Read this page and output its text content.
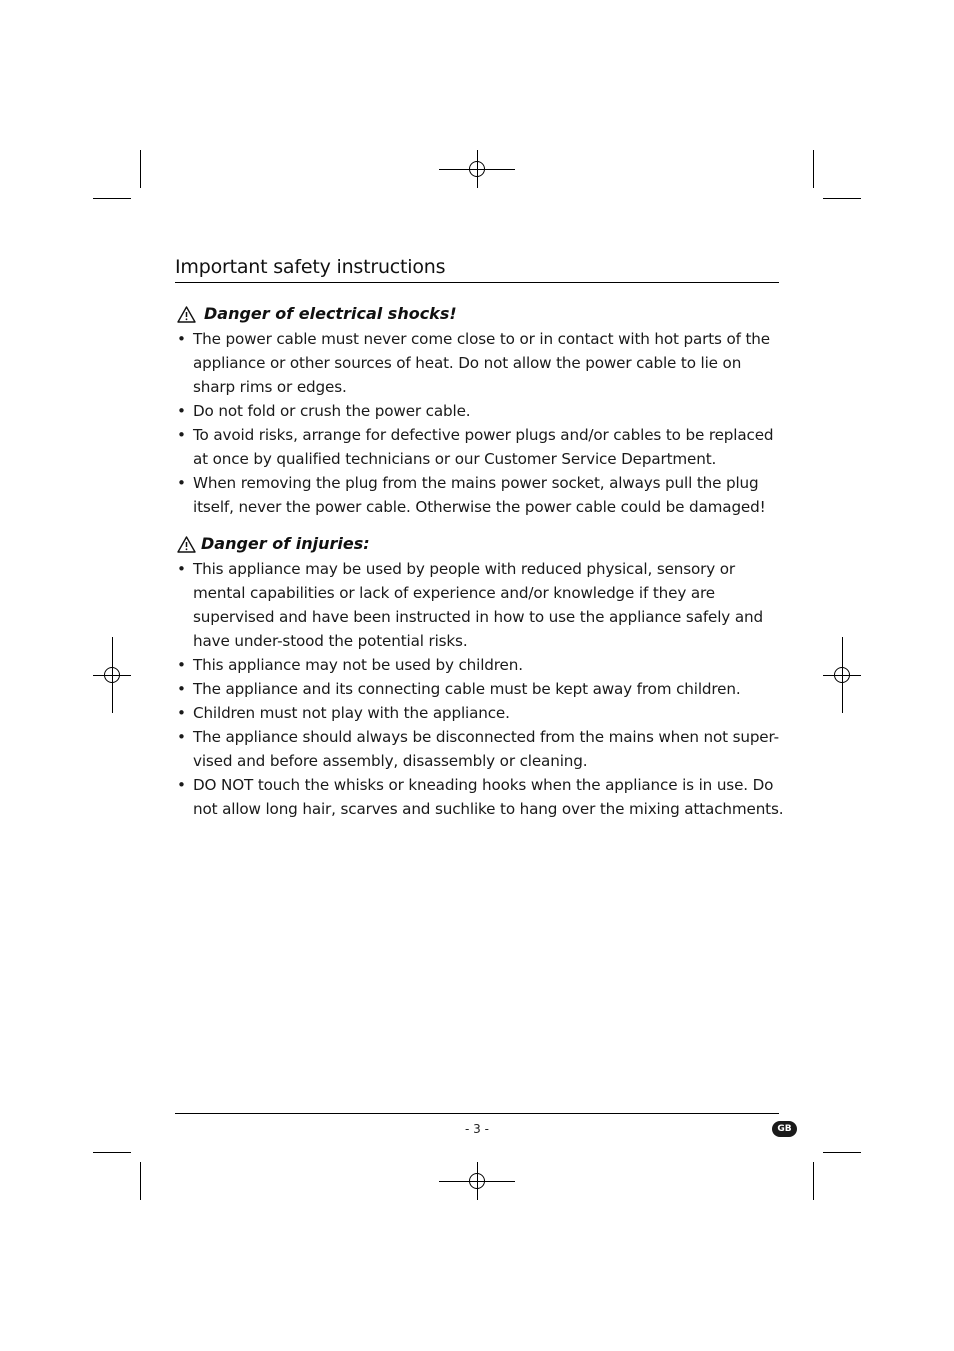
Important safety instructions
Danger of electrical shocks!
• The power cable must never come close to or in contact with hot parts of the appliance or other sources of heat. Do not allow the power cable to lie on sharp rims or edges.
• Do not fold or crush the power cable.
• To avoid risks, arrange for defective power plugs and/or cables to be replaced at once by qualified technicians or our Customer Service Department.
• When removing the plug from the mains power socket, always pull the plug itself, never the power cable. Otherwise the power cable could be damaged!
Danger of injuries:
• This appliance may be used by people with reduced physical, sensory or mental capabilities or lack of experience and/or knowledge if they are supervised and have been instructed in how to use the appliance safely and have under-stood the potential risks.
• This appliance may not be used by children.
• The appliance and its connecting cable must be kept away from children.
• Children must not play with the appliance.
• The appliance should always be disconnected from the mains when not super-vised and before assembly, disassembly or cleaning.
• DO NOT touch the whisks or kneading hooks when the appliance is in use. Do not allow long hair, scarves and suchlike to hang over the mixing attachments.
- 3 -	GB
